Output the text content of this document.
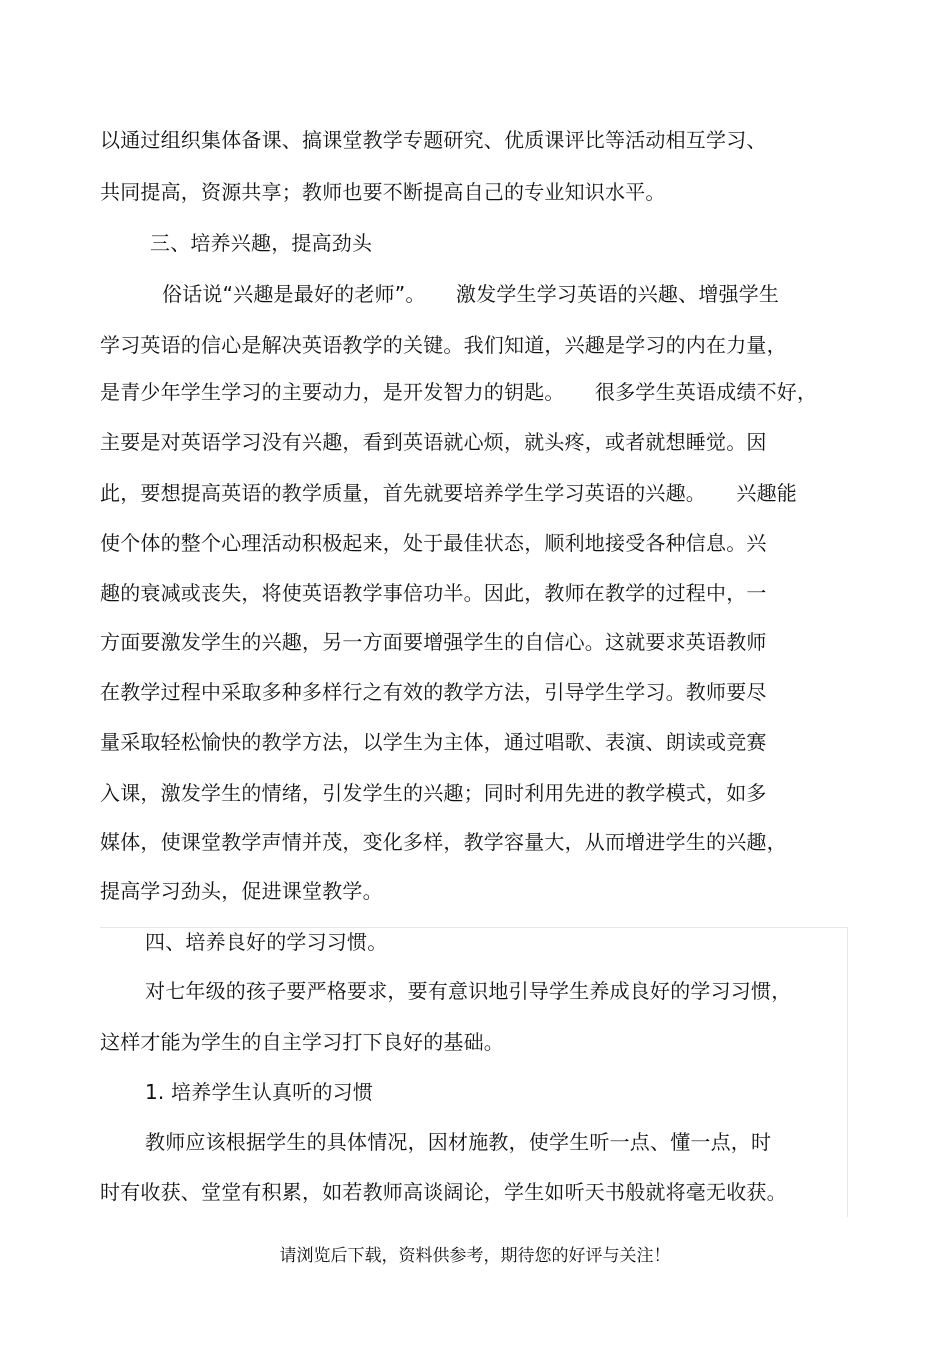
以通过组织集体备课、搞课堂教学专题研究、优质课评比等活动相互学习、
共同提高，资源共享；教师也要不断提高自己的专业知识水平。
三、培养兴趣，提高劲头
俗话说“兴趣是最好的老师”。　　激发学生学习英语的兴趣、增强学生
学习英语的信心是解决英语教学的关键。我们知道，兴趣是学习的内在力量，
是青少年学生学习的主要动力，是开发智力的钥匙。　　很多学生英语成绩不好，
主要是对英语学习没有兴趣，看到英语就心烦，就头疼，或者就想睡觉。因
此，要想提高英语的教学质量，首先就要培养学生学习英语的兴趣。　　兴趣能
使个体的整个心理活动积极起来，处于最佳状态，顺利地接受各种信息。兴
趣的衰减或丧失，将使英语教学事倍功半。因此，教师在教学的过程中，一
方面要激发学生的兴趣，另一方面要增强学生的自信心。这就要求英语教师
在教学过程中采取多种多样行之有效的教学方法，引导学生学习。教师要尽
量采取轻松愉快的教学方法，以学生为主体，通过唱歌、表演、朗读或竞赛
入课，激发学生的情绪，引发学生的兴趣；同时利用先进的教学模式，如多
媒体，使课堂教学声情并茂，变化多样，教学容量大，从而增进学生的兴趣，
提高学习劲头，促进课堂教学。
四、培养良好的学习习惯。
对七年级的孩子要严格要求，要有意识地引导学生养成良好的学习习惯，
这样才能为学生的自主学习打下良好的基础。
1. 培养学生认真听的习惯
教师应该根据学生的具体情况，因材施教，使学生听一点、懂一点，时
时有收获、堂堂有积累，如若教师高谈阔论，学生如听天书般就将毫无收获。
请浏览后下载，资料供参考，期待您的好评与关注！
